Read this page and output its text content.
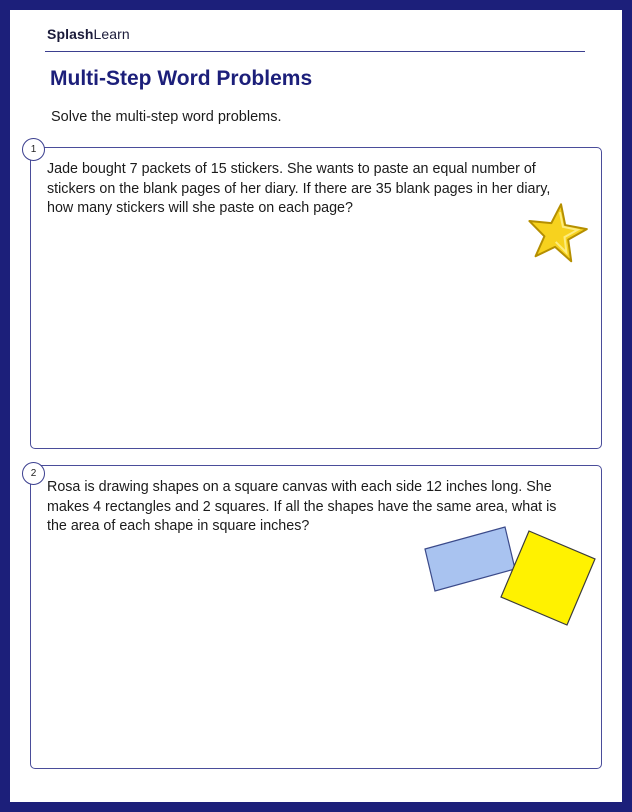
SplashLearn
Multi-Step Word Problems
Solve the multi-step word problems.
Jade bought 7 packets of 15 stickers. She wants to paste an equal number of stickers on the blank pages of her diary. If there are 35 blank pages in her diary, how many stickers will she paste on each page?
1
Rosa is drawing shapes on a square canvas with each side 12 inches long. She makes 4 rectangles and 2 squares. If all the shapes have the same area, what is the area of each shape in square inches?
2
